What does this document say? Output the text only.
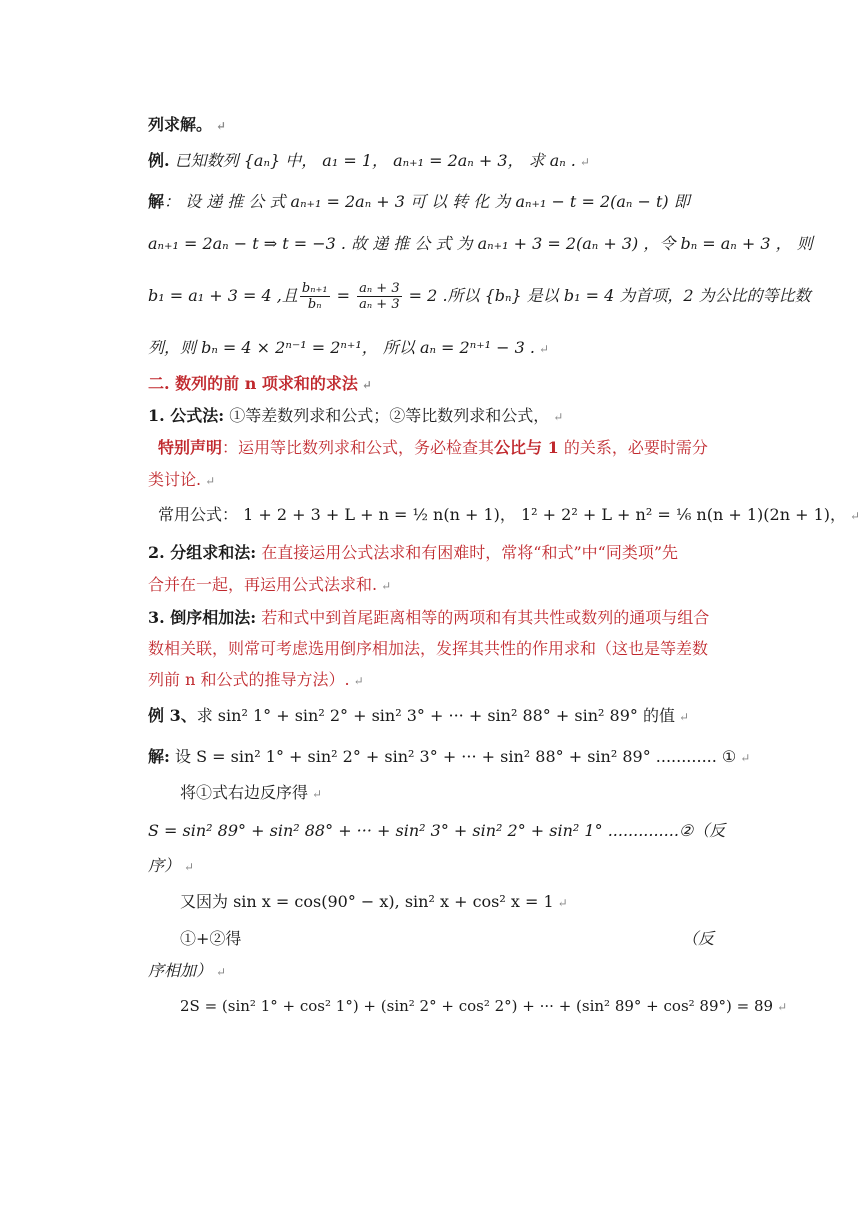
列求解。 ↵
例. 已知数列 {aₙ} 中， a₁ = 1， aₙ₊₁ = 2aₙ + 3， 求 aₙ . ↵
解： 设 递 推 公 式 aₙ₊₁ = 2aₙ + 3 可 以 转 化 为 aₙ₊₁ − t = 2(aₙ − t) 即
aₙ₊₁ = 2aₙ − t ⇒ t = −3 . 故 递 推 公 式 为 aₙ₊₁ + 3 = 2(aₙ + 3) ，令 bₙ = aₙ + 3 ， 则
b₁ = a₁ + 3 = 4 ,且 $\frac{\text{bₙ₊₁}}{\text{bₙ}} = \frac{\text{aₙ + 3}}{\text{aₙ + 3}} = 2$ .所以 {bₙ} 是以 b₁ = 4 为首项，2 为公比的等比数
列，则 bₙ = 4 × 2ⁿ⁻¹ = 2ⁿ⁺¹， 所以 aₙ = 2ⁿ⁺¹ − 3 . ↵
二. 数列的前 n 项求和的求法 ↵
1. 公式法: ①等差数列求和公式；②等比数列求和公式， ↵
特别声明：运用等比数列求和公式，务必检查其公比与 1 的关系，必要时需分
类讨论. ↵
常用公式： 1 + 2 + 3 + L + n = ½ n(n + 1)， 1² + 2² + L + n² = ⅙ n(n + 1)(2n + 1)， ↵
2. 分组求和法: 在直接运用公式法求和有困难时，常将“和式”中“同类项”先
合并在一起，再运用公式法求和. ↵
3. 倒序相加法: 若和式中到首尾距离相等的两项和有其共性或数列的通项与组合
数相关联，则常可考虑选用倒序相加法，发挥其共性的作用求和（这也是等差数
列前 n 和公式的推导方法）. ↵
例 3、求 sin² 1° + sin² 2° + sin² 3° + ··· + sin² 88° + sin² 89° 的值 ↵
解: 设 S = sin² 1° + sin² 2° + sin² 3° + ··· + sin² 88° + sin² 89° ............ ① ↵
将①式右边反序得 ↵
S = sin² 89° + sin² 88° + ··· + sin² 3° + sin² 2° + sin² 1° ..............② （反
序） ↵
又因为 sin x = cos(90° − x), sin² x + cos² x = 1 ↵
①+②得	（反
序相加） ↵
2S = (sin² 1° + cos² 1°) + (sin² 2° + cos² 2°) + ··· + (sin² 89° + cos² 89°) = 89 ↵
